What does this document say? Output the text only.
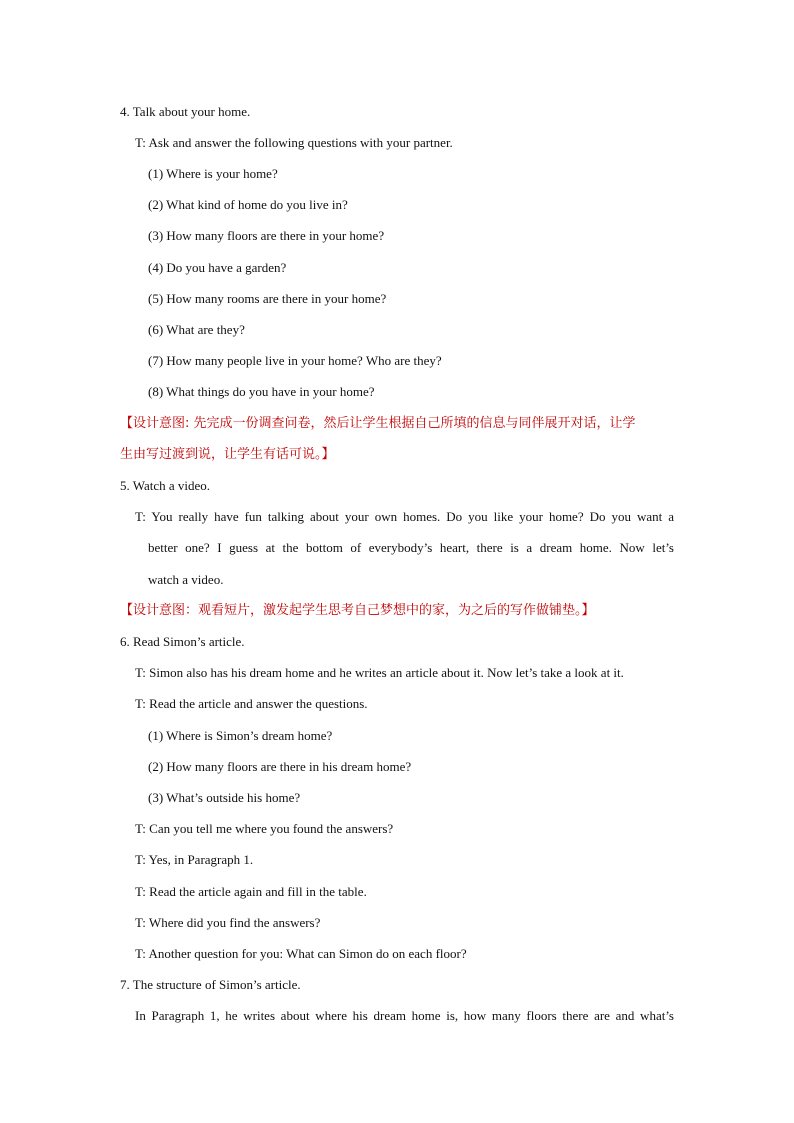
4. Talk about your home.
T: Ask and answer the following questions with your partner.
(1) Where is your home?
(2) What kind of home do you live in?
(3) How many floors are there in your home?
(4) Do you have a garden?
(5) How many rooms are there in your home?
(6) What are they?
(7) How many people live in your home? Who are they?
(8) What things do you have in your home?
【设计意图: 先完成一份调查问卷，然后让学生根据自己所填的信息与同伴展开对话，让学
生由写过渡到说，让学生有话可说。】
5. Watch a video.
T: You really have fun talking about your own homes. Do you like your home? Do you want a
better one? I guess at the bottom of everybody’s heart, there is a dream home. Now let’s
watch a video.
【设计意图：观看短片，激发起学生思考自己梦想中的家，为之后的写作做铺垫。】
6. Read Simon’s article.
T: Simon also has his dream home and he writes an article about it. Now let’s take a look at it.
T: Read the article and answer the questions.
(1) Where is Simon’s dream home?
(2) How many floors are there in his dream home?
(3) What’s outside his home?
T: Can you tell me where you found the answers?
T: Yes, in Paragraph 1.
T: Read the article again and fill in the table.
T: Where did you find the answers?
T: Another question for you: What can Simon do on each floor?
7. The structure of Simon’s article.
In Paragraph 1, he writes about where his dream home is, how many floors there are and what’s
